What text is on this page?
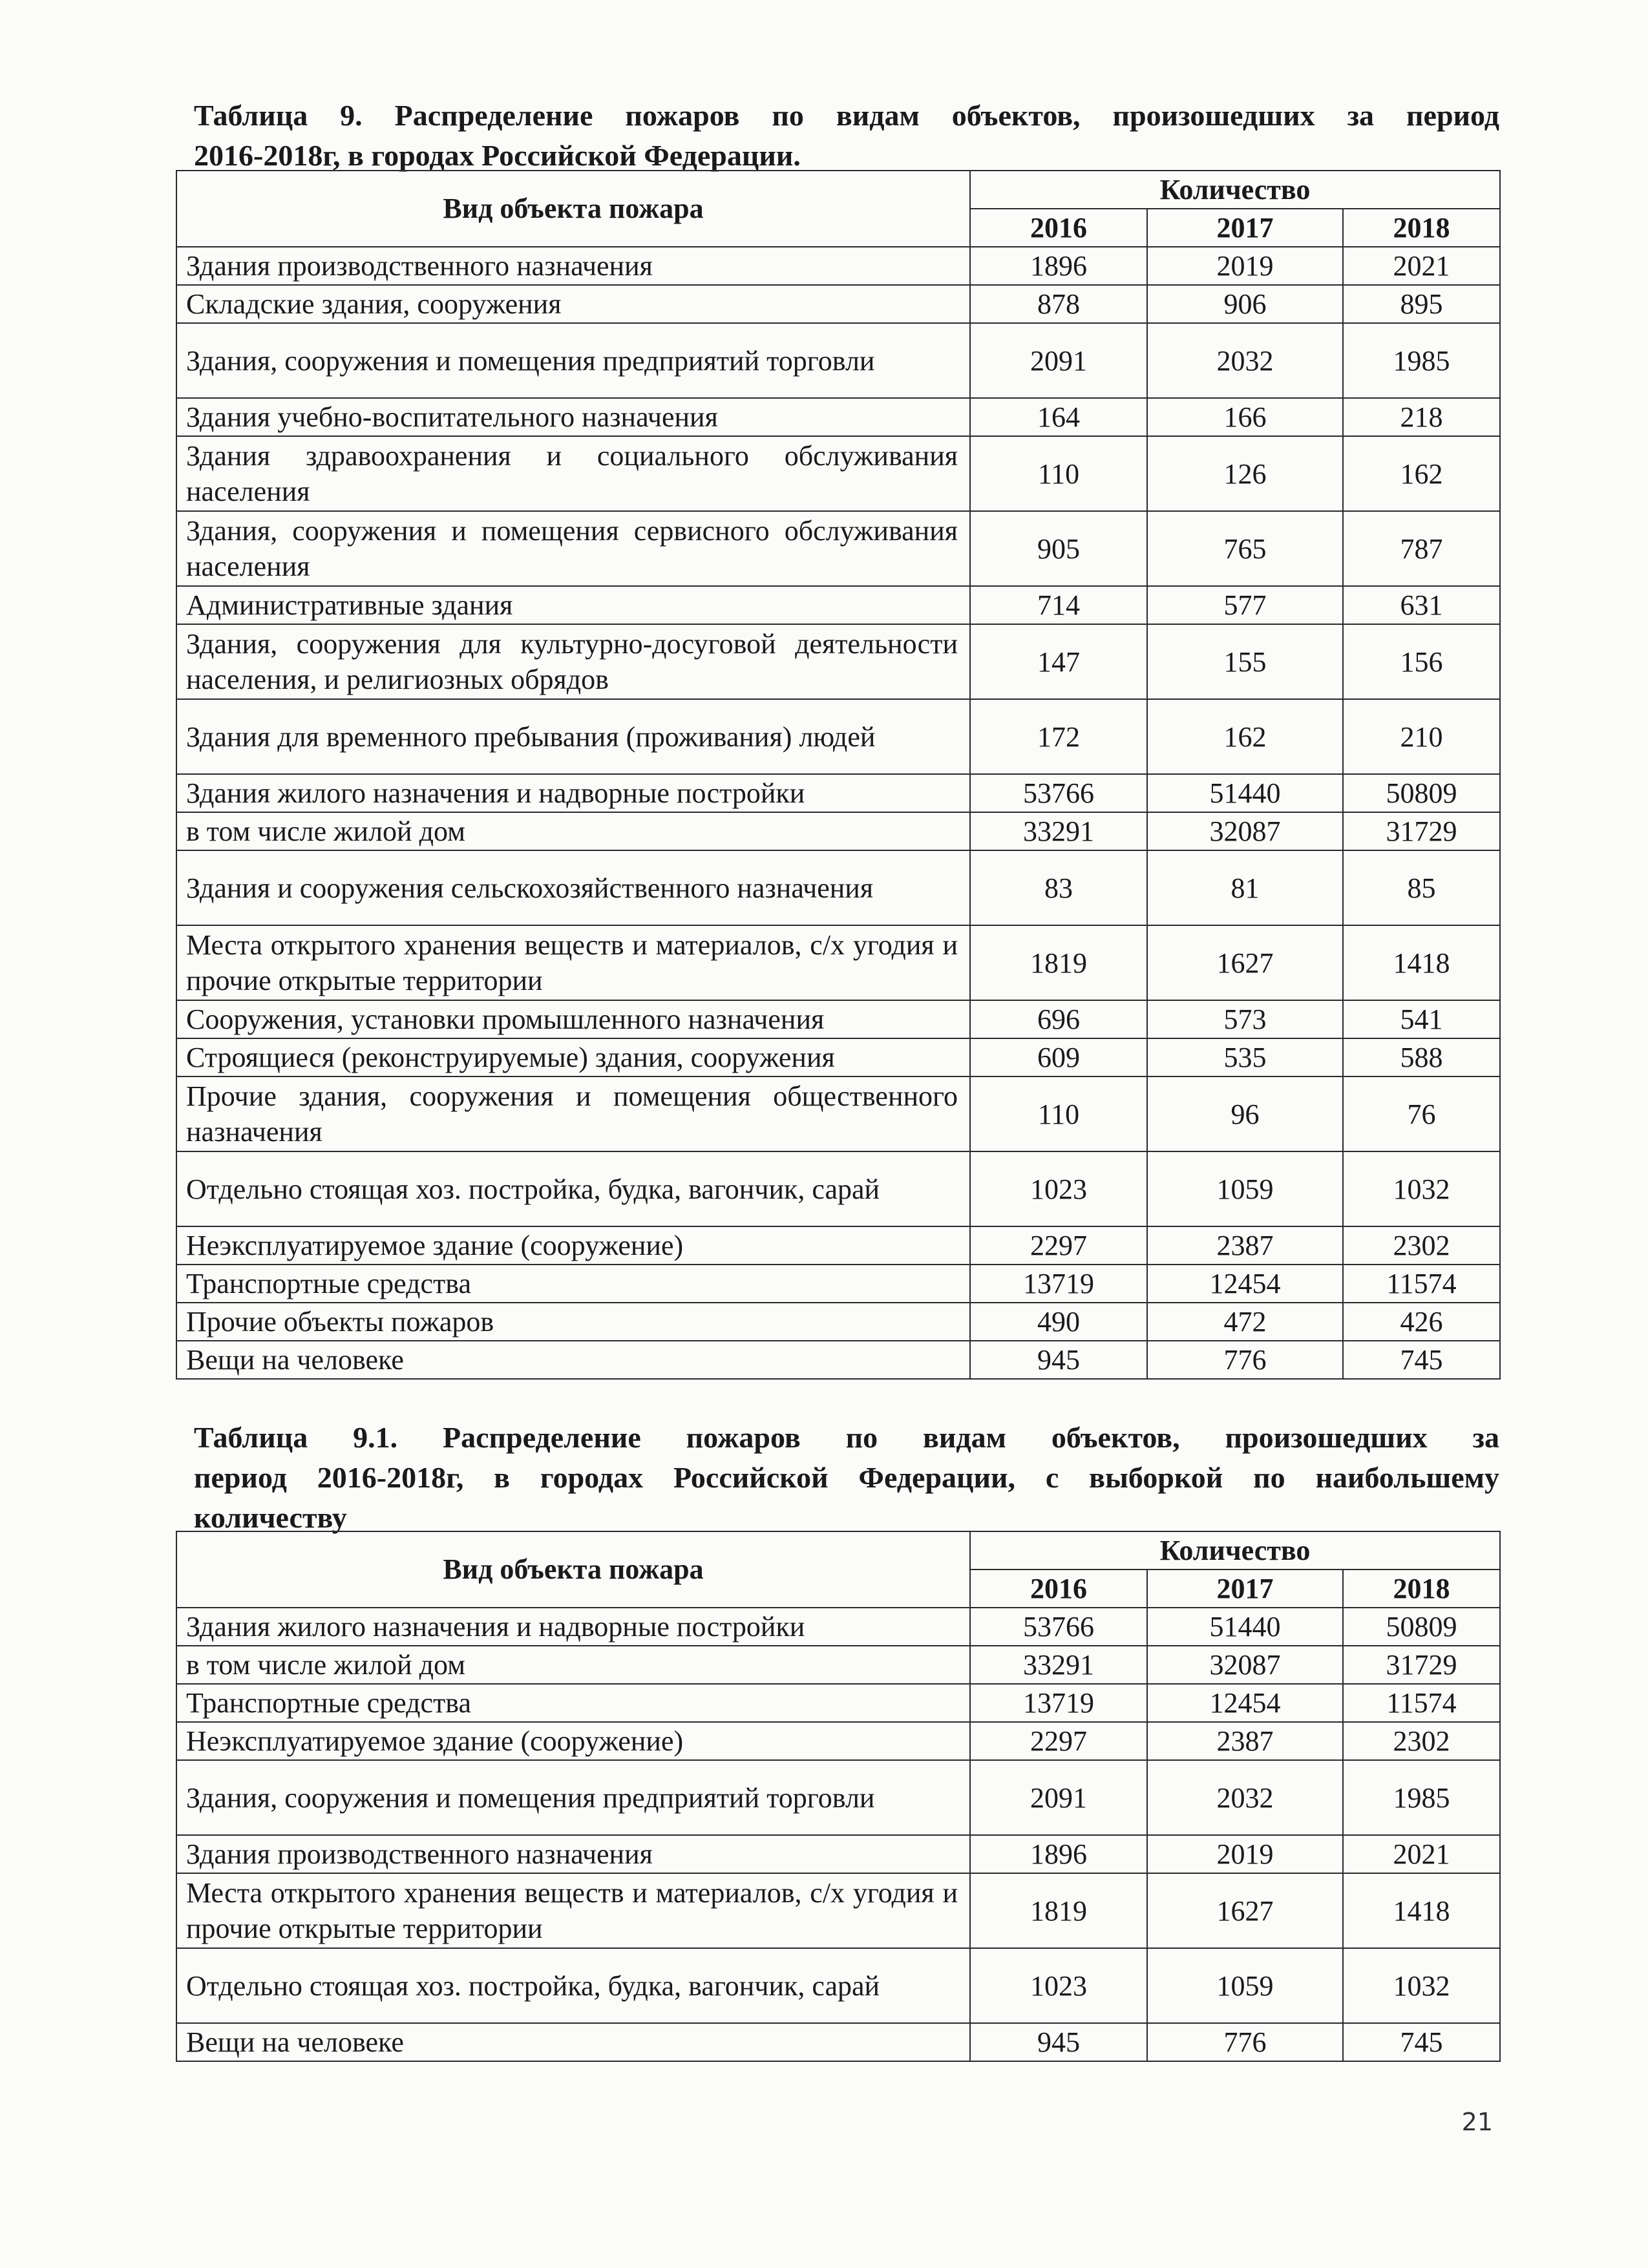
Таблица 9. Распределение пожаров по видам объектов, произошедших за период
2016-2018г, в городах Российской Федерации.
Вид объекта пожара	Количество		
	2016	2017	2018
Здания производственного назначения	1896	2019	2021
Складские здания, сооружения	878	906	895
Здания, сооружения и помещения предприятий торговли	2091	2032	1985
Здания учебно-воспитательного назначения	164	166	218
Здания здравоохранения и социального обслуживания населения	110	126	162
Здания, сооружения и помещения сервисного обслуживания населения	905	765	787
Административные здания	714	577	631
Здания, сооружения для культурно-досуговой деятельности населения, и религиозных обрядов	147	155	156
Здания для временного пребывания (проживания) людей	172	162	210
Здания жилого назначения и надворные постройки	53766	51440	50809
в том числе жилой дом	33291	32087	31729
Здания и сооружения сельскохозяйственного назначения	83	81	85
Места открытого хранения веществ и материалов, с/х угодия и прочие открытые территории	1819	1627	1418
Сооружения, установки промышленного назначения	696	573	541
Строящиеся (реконструируемые) здания, сооружения	609	535	588
Прочие здания, сооружения и помещения общественного назначения	110	96	76
Отдельно стоящая хоз. постройка, будка, вагончик, сарай	1023	1059	1032
Неэксплуатируемое здание (сооружение)	2297	2387	2302
Транспортные средства	13719	12454	11574
Прочие объекты пожаров	490	472	426
Вещи на человеке	945	776	745
Таблица 9.1. Распределение пожаров по видам объектов, произошедших за
период 2016-2018г, в городах Российской Федерации, с выборкой по наибольшему
количеству
Вид объекта пожара	Количество		
	2016	2017	2018
Здания жилого назначения и надворные постройки	53766	51440	50809
в том числе жилой дом	33291	32087	31729
Транспортные средства	13719	12454	11574
Неэксплуатируемое здание (сооружение)	2297	2387	2302
Здания, сооружения и помещения предприятий торговли	2091	2032	1985
Здания производственного назначения	1896	2019	2021
Места открытого хранения веществ и материалов, с/х угодия и прочие открытые территории	1819	1627	1418
Отдельно стоящая хоз. постройка, будка, вагончик, сарай	1023	1059	1032
Вещи на человеке	945	776	745
21
